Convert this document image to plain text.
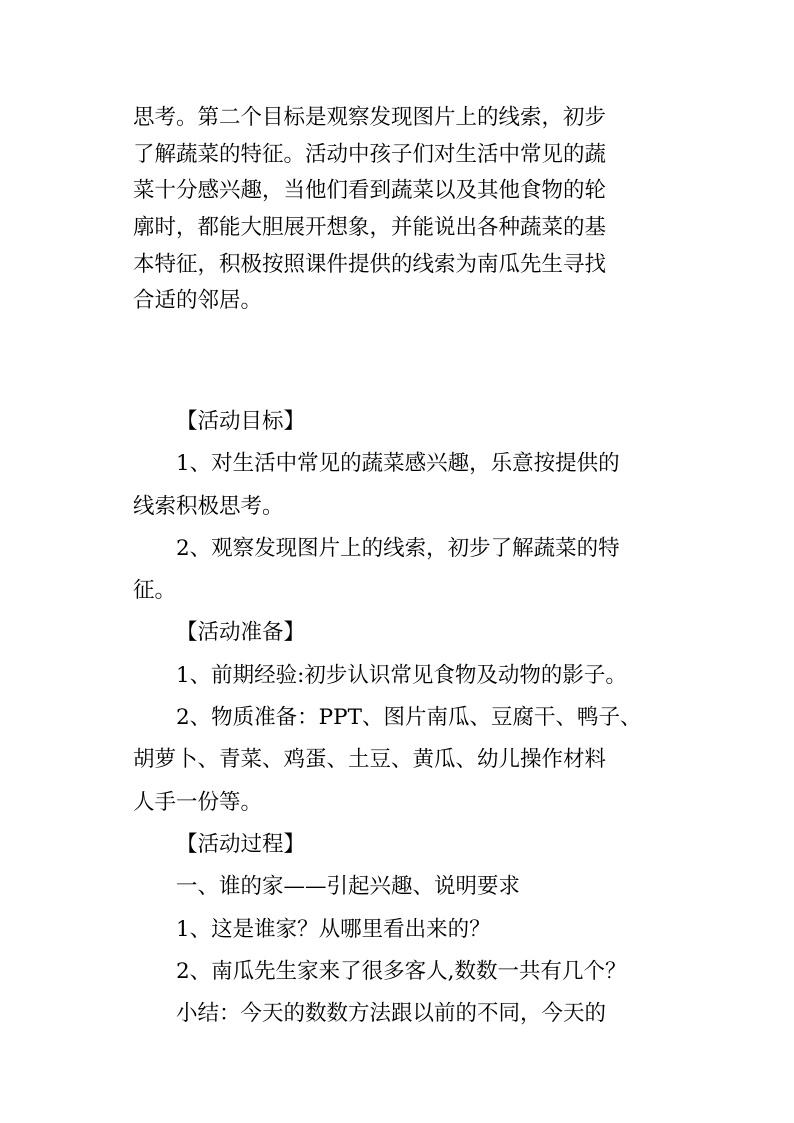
思考。第二个目标是观察发现图片上的线索，初步
了解蔬菜的特征。活动中孩子们对生活中常见的蔬
菜十分感兴趣，当他们看到蔬菜以及其他食物的轮
廓时，都能大胆展开想象，并能说出各种蔬菜的基
本特征，积极按照课件提供的线索为南瓜先生寻找
合适的邻居。

【活动目标】

1、对生活中常见的蔬菜感兴趣，乐意按提供的
线索积极思考。

2、观察发现图片上的线索，初步了解蔬菜的特
征。

【活动准备】

1、前期经验:初步认识常见食物及动物的影子。

2、物质准备：PPT、图片南瓜、豆腐干、鸭子、
胡萝卜、青菜、鸡蛋、土豆、黄瓜、幼儿操作材料
人手一份等。

【活动过程】

一、谁的家——引起兴趣、说明要求

1、这是谁家？从哪里看出来的？

2、南瓜先生家来了很多客人,数数一共有几个？

小结：今天的数数方法跟以前的不同，今天的
